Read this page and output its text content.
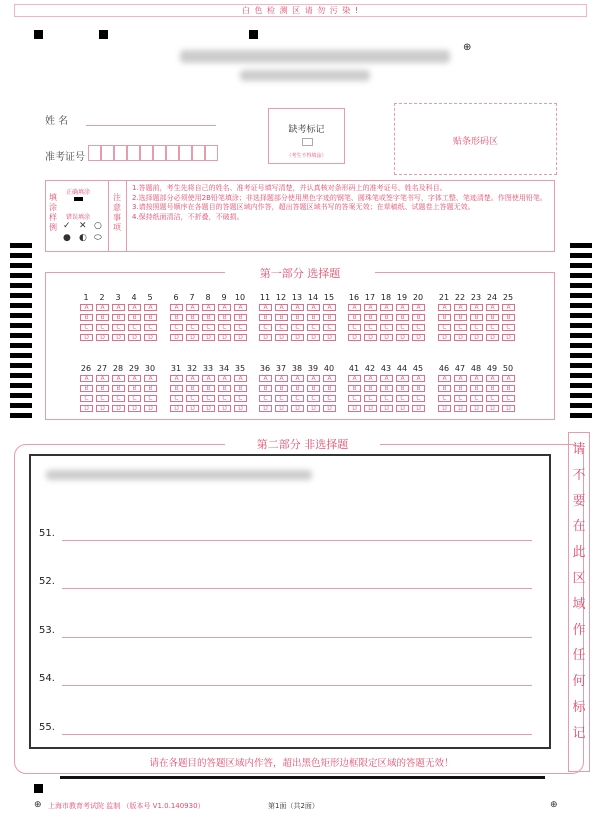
白 色 检 测 区 请 勿 污 染 !
⊕
姓 名
准考证号
缺考标记
（考生不得填涂）
贴条形码区
填涂样例
正确填涂
错误填涂
✓ ✕ ○
● ◐ ⬭
注意事项
1.答题前，考生先将自己的姓名、准考证号填写清楚，并认真核对条形码上的准考证号、姓名及科目。
2.选择题部分必须使用2B铅笔填涂；非选择题部分使用黑色字迹的钢笔、圆珠笔或签字笔书写，字体工整、笔迹清楚。作图使用铅笔。
3.请按照题号顺序在各题目的答题区域内作答，超出答题区域书写的答案无效；在草稿纸、试题卷上答题无效。
4.保持纸面清洁，不折叠，不破损。
第一部分 选择题
1
A
B
C
D
2
A
B
C
D
3
A
B
C
D
4
A
B
C
D
5
A
B
C
D
6
A
B
C
D
7
A
B
C
D
8
A
B
C
D
9
A
B
C
D
10
A
B
C
D
11
A
B
C
D
12
A
B
C
D
13
A
B
C
D
14
A
B
C
D
15
A
B
C
D
16
A
B
C
D
17
A
B
C
D
18
A
B
C
D
19
A
B
C
D
20
A
B
C
D
21
A
B
C
D
22
A
B
C
D
23
A
B
C
D
24
A
B
C
D
25
A
B
C
D
26
A
B
C
D
27
A
B
C
D
28
A
B
C
D
29
A
B
C
D
30
A
B
C
D
31
A
B
C
D
32
A
B
C
D
33
A
B
C
D
34
A
B
C
D
35
A
B
C
D
36
A
B
C
D
37
A
B
C
D
38
A
B
C
D
39
A
B
C
D
40
A
B
C
D
41
A
B
C
D
42
A
B
C
D
43
A
B
C
D
44
A
B
C
D
45
A
B
C
D
46
A
B
C
D
47
A
B
C
D
48
A
B
C
D
49
A
B
C
D
50
A
B
C
D
第二部分 非选择题
51.
52.
53.
54.
55.
请在各题目的答题区域内作答，超出黑色矩形边框限定区域的答题无效！
请
不
要
在
此
区
域
作
任
何
标
记
⊕	⊕
上海市教育考试院 监制 （版本号 V1.0.140930）	第1面（共2面）
